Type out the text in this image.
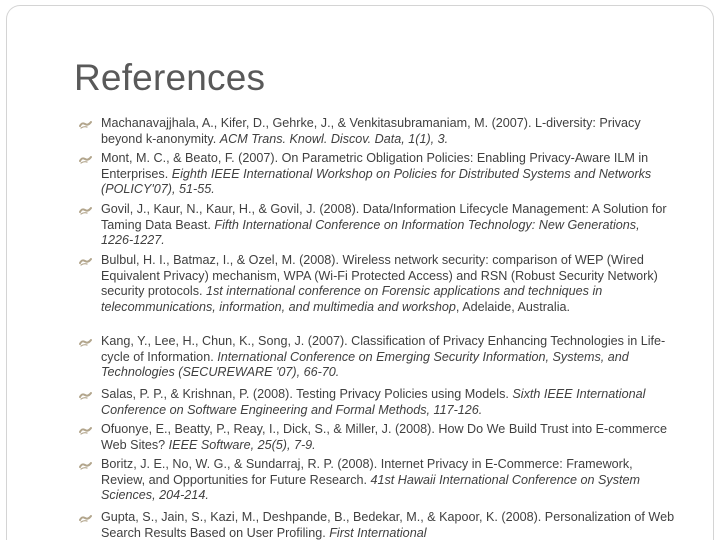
References

Machanavajjhala, A., Kifer, D., Gehrke, J., & Venkitasubramaniam, M. (2007). L-diversity: Privacy beyond k-anonymity. ACM Trans. Knowl. Discov. Data, 1(1), 3.

Mont, M. C., & Beato, F. (2007). On Parametric Obligation Policies: Enabling Privacy-Aware ILM in Enterprises. Eighth IEEE International Workshop on Policies for Distributed Systems and Networks (POLICY'07), 51-55.

Govil, J., Kaur, N., Kaur, H., & Govil, J. (2008). Data/Information Lifecycle Management: A Solution for Taming Data Beast. Fifth International Conference on Information Technology: New Generations, 1226-1227.

Bulbul, H. I., Batmaz, I., & Ozel, M. (2008). Wireless network security: comparison of WEP (Wired Equivalent Privacy) mechanism, WPA (Wi-Fi Protected Access) and RSN (Robust Security Network) security protocols. 1st international conference on Forensic applications and techniques in telecommunications, information, and multimedia and workshop, Adelaide, Australia.

Kang, Y., Lee, H., Chun, K., Song, J. (2007). Classification of Privacy Enhancing Technologies in Life-cycle of Information. International Conference on Emerging Security Information, Systems, and Technologies (SECUREWARE '07), 66-70.

Salas, P. P., & Krishnan, P. (2008). Testing Privacy Policies using Models. Sixth IEEE International Conference on Software Engineering and Formal Methods, 117-126.

Ofuonye, E., Beatty, P., Reay, I., Dick, S., & Miller, J. (2008). How Do We Build Trust into E-commerce Web Sites? IEEE Software, 25(5), 7-9.

Boritz, J. E., No, W. G., & Sundarraj, R. P. (2008). Internet Privacy in E-Commerce: Framework, Review, and Opportunities for Future Research. 41st Hawaii International Conference on System Sciences, 204-214.

Gupta, S., Jain, S., Kazi, M., Deshpande, B., Bedekar, M., & Kapoor, K. (2008). Personalization of Web Search Results Based on User Profiling. First International
